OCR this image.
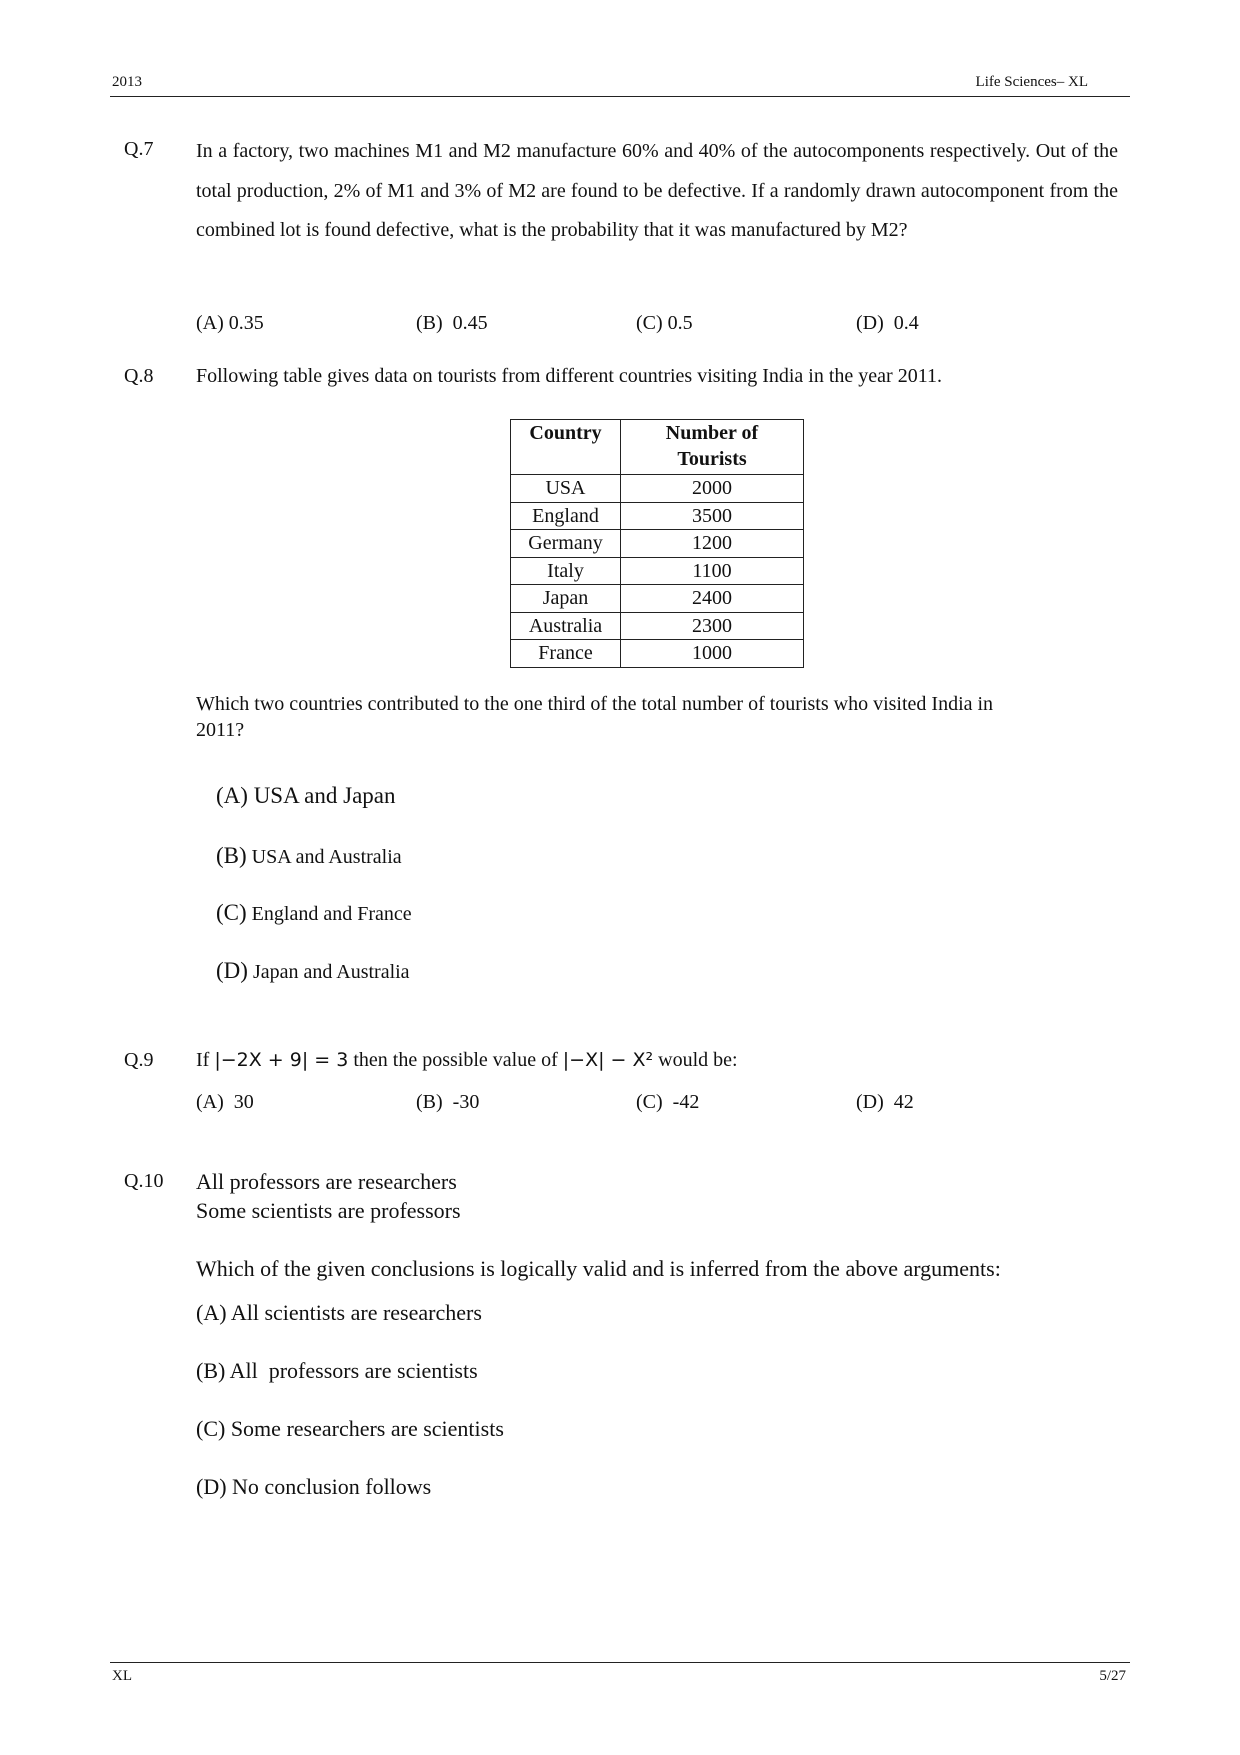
2013	Life Sciences– XL
Q.7 In a factory, two machines M1 and M2 manufacture 60% and 40% of the autocomponents respectively. Out of the total production, 2% of M1 and 3% of M2 are found to be defective. If a randomly drawn autocomponent from the combined lot is found defective, what is the probability that it was manufactured by M2?
(A) 0.35	(B)  0.45	(C) 0.5	(D)  0.4
Q.8 Following table gives data on tourists from different countries visiting India in the year 2011.
Country	Number of Tourists

USA	2000
England	3500
Germany	1200
Italy	1100
Japan	2400
Australia	2300
France	1000
Which two countries contributed to the one third of the total number of tourists who visited India in
2011?

(A) USA and Japan

(B) USA and Australia

(C) England and France

(D) Japan and Australia

Q.9 If |−2X + 9| = 3 then the possible value of |−X| − X² would be:
(A)  30	(B)  -30	(C)  -42	(D)  42
Q.10 All professors are researchers
Some scientists are professors
Which of the given conclusions is logically valid and is inferred from the above arguments:
(A) All scientists are researchers
(B) All  professors are scientists
(C) Some researchers are scientists
(D) No conclusion follows
XL	5/27
